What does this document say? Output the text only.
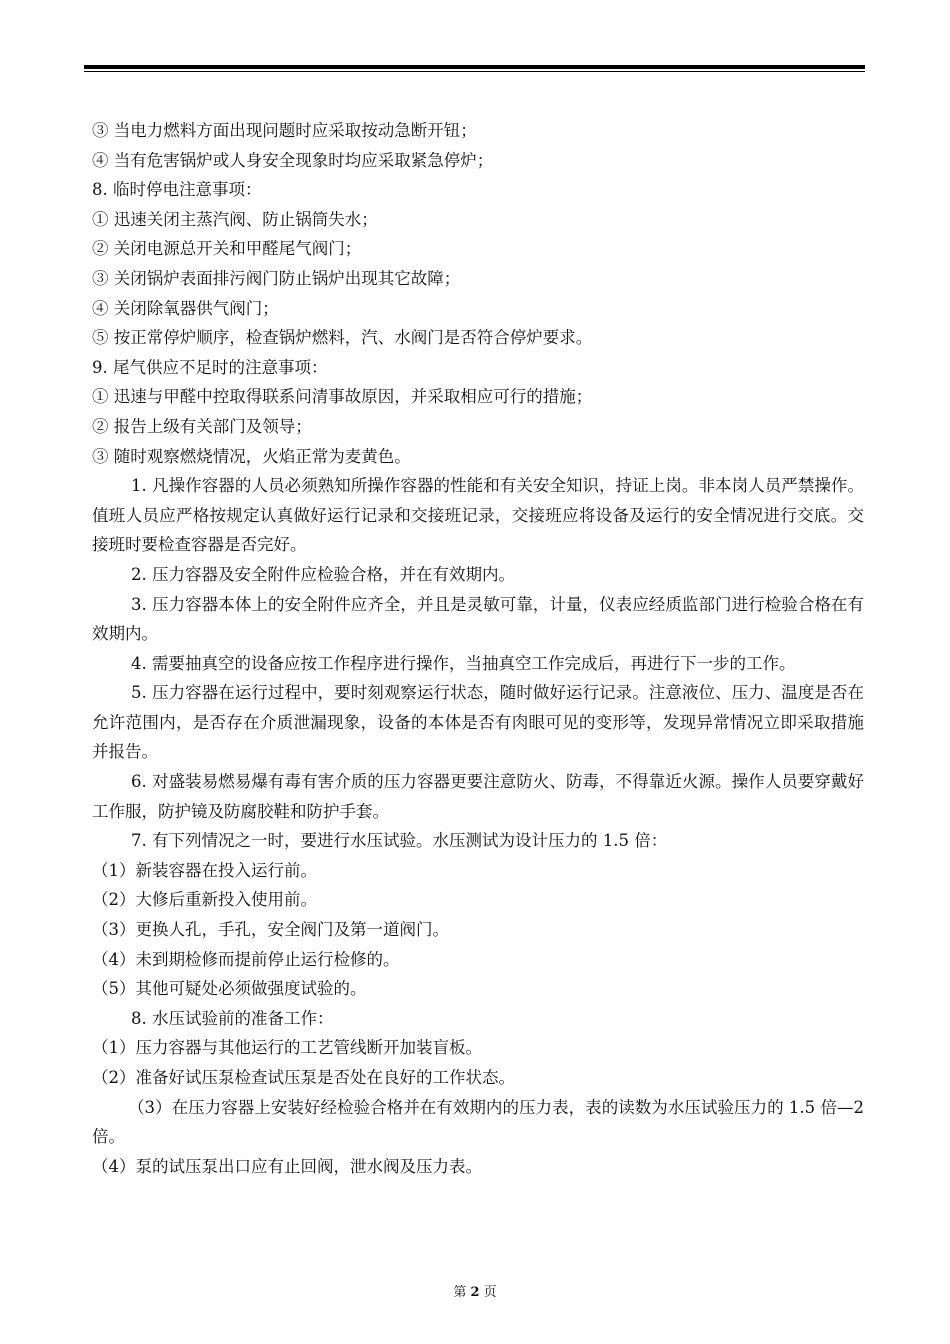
③ 当电力燃料方面出现问题时应采取按动急断开钮；

④ 当有危害锅炉或人身安全现象时均应采取紧急停炉；

8. 临时停电注意事项：

① 迅速关闭主蒸汽阀、防止锅筒失水；

② 关闭电源总开关和甲醛尾气阀门；

③ 关闭锅炉表面排污阀门防止锅炉出现其它故障；

④ 关闭除氧器供气阀门；

⑤ 按正常停炉顺序，检查锅炉燃料，汽、水阀门是否符合停炉要求。

9. 尾气供应不足时的注意事项：

① 迅速与甲醛中控取得联系问清事故原因，并采取相应可行的措施；

② 报告上级有关部门及领导；

③ 随时观察燃烧情况，火焰正常为麦黄色。

1. 凡操作容器的人员必须熟知所操作容器的性能和有关安全知识，持证上岗。非本岗人员严禁操作。值班人员应严格按规定认真做好运行记录和交接班记录，交接班应将设备及运行的安全情况进行交底。交接班时要检查容器是否完好。

2. 压力容器及安全附件应检验合格，并在有效期内。

3. 压力容器本体上的安全附件应齐全，并且是灵敏可靠，计量，仪表应经质监部门进行检验合格在有效期内。

4. 需要抽真空的设备应按工作程序进行操作，当抽真空工作完成后，再进行下一步的工作。

5. 压力容器在运行过程中，要时刻观察运行状态，随时做好运行记录。注意液位、压力、温度是否在允许范围内，是否存在介质泄漏现象，设备的本体是否有肉眼可见的变形等，发现异常情况立即采取措施并报告。

6. 对盛装易燃易爆有毒有害介质的压力容器更要注意防火、防毒，不得靠近火源。操作人员要穿戴好工作服，防护镜及防腐胶鞋和防护手套。

7. 有下列情况之一时，要进行水压试验。水压测试为设计压力的 1.5 倍：

（1）新装容器在投入运行前。

（2）大修后重新投入使用前。

（3）更换人孔，手孔，安全阀门及第一道阀门。

（4）未到期检修而提前停止运行检修的。

（5）其他可疑处必须做强度试验的。

8. 水压试验前的准备工作：

（1）压力容器与其他运行的工艺管线断开加装盲板。

（2）准备好试压泵检查试压泵是否处在良好的工作状态。

（3）在压力容器上安装好经检验合格并在有效期内的压力表，表的读数为水压试验压力的 1.5 倍—2 倍。

（4）泵的试压泵出口应有止回阀，泄水阀及压力表。

第 2 页
